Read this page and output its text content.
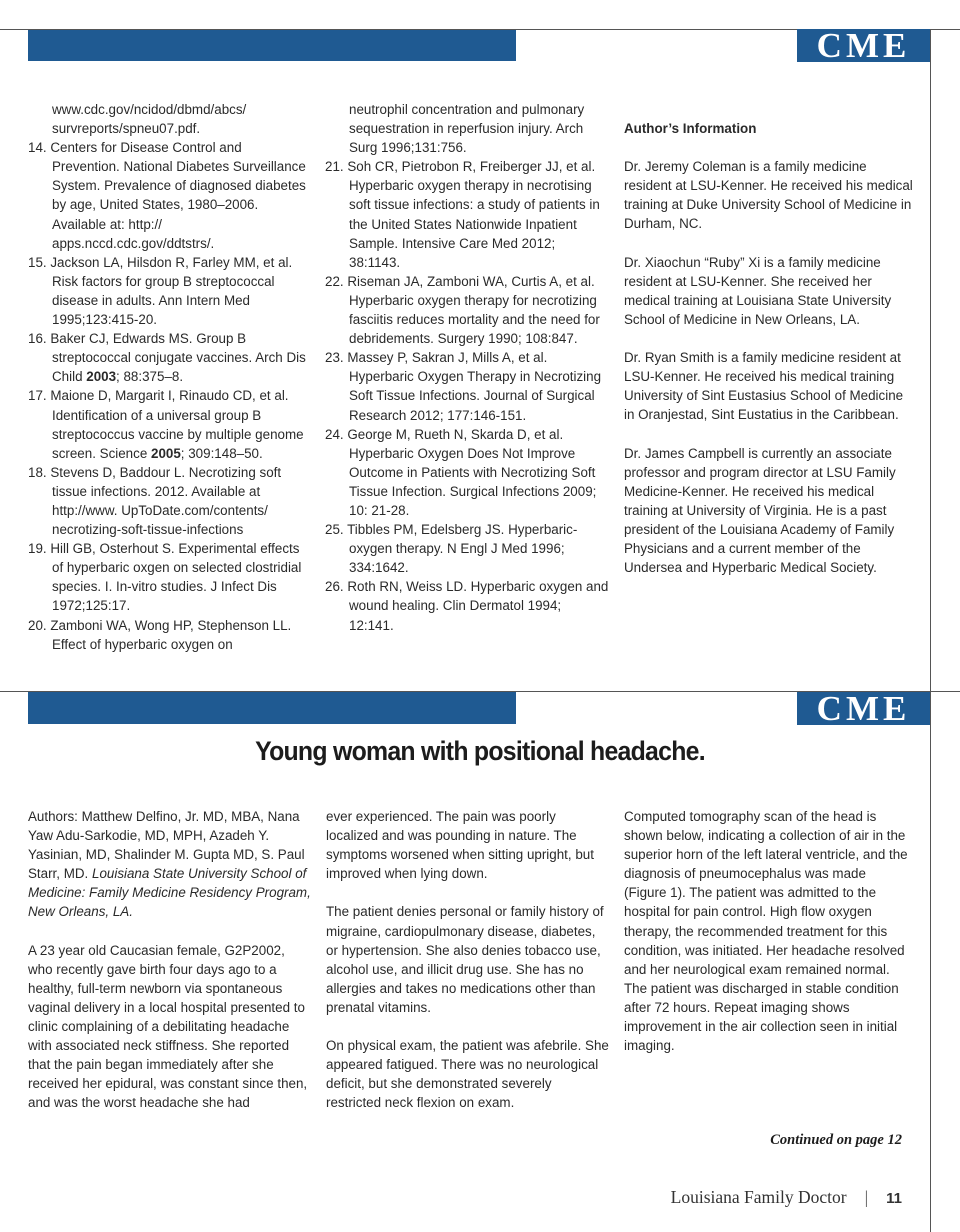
CME

www.cdc.gov/ncidod/dbmd/abcs/ survreports/spneu07.pdf.

14. Centers for Disease Control and Prevention. National Diabetes Surveillance System. Prevalence of diagnosed diabetes by age, United States, 1980–2006. Available at: http:// apps.nccd.cdc.gov/ddtstrs/.

15. Jackson LA, Hilsdon R, Farley MM, et al. Risk factors for group B streptococcal disease in adults. Ann Intern Med 1995;123:415-20.

16. Baker CJ, Edwards MS. Group B streptococcal conjugate vaccines. Arch Dis Child 2003; 88:375–8.

17. Maione D, Margarit I, Rinaudo CD, et al. Identification of a universal group B streptococcus vaccine by multiple genome screen. Science 2005; 309:148–50.

18. Stevens D, Baddour L. Necrotizing soft tissue infections. 2012. Available at http://www. UpToDate.com/contents/ necrotizing-soft-tissue-infections

19. Hill GB, Osterhout S. Experimental effects of hyperbaric oxgen on selected clostridial species. I. In-vitro studies. J Infect Dis 1972;125:17.

20. Zamboni WA, Wong HP, Stephenson LL. Effect of hyperbaric oxygen on

neutrophil concentration and pulmonary sequestration in reperfusion injury. Arch Surg 1996;131:756.

21. Soh CR, Pietrobon R, Freiberger JJ, et al. Hyperbaric oxygen therapy in necrotising soft tissue infections: a study of patients in the United States Nationwide Inpatient Sample. Intensive Care Med 2012; 38:1143.

22. Riseman JA, Zamboni WA, Curtis A, et al. Hyperbaric oxygen therapy for necrotizing fasciitis reduces mortality and the need for debridements. Surgery 1990; 108:847.

23. Massey P, Sakran J, Mills A, et al. Hyperbaric Oxygen Therapy in Necrotizing Soft Tissue Infections. Journal of Surgical Research 2012; 177:146-151.

24. George M, Rueth N, Skarda D, et al. Hyperbaric Oxygen Does Not Improve Outcome in Patients with Necrotizing Soft Tissue Infection. Surgical Infections 2009; 10: 21-28.

25. Tibbles PM, Edelsberg JS. Hyperbaric-oxygen therapy. N Engl J Med 1996; 334:1642.

26. Roth RN, Weiss LD. Hyperbaric oxygen and wound healing. Clin Dermatol 1994; 12:141.

Author’s Information

Dr. Jeremy Coleman is a family medicine resident at LSU-Kenner. He received his medical training at Duke University School of Medicine in Durham, NC.

Dr. Xiaochun “Ruby” Xi is a family medicine resident at LSU-Kenner. She received her medical training at Louisiana State University School of Medicine in New Orleans, LA.

Dr. Ryan Smith is a family medicine resident at LSU-Kenner. He received his medical training University of Sint Eustasius School of Medicine in Oranjestad, Sint Eustatius in the Caribbean.

Dr. James Campbell is currently an associate professor and program director at LSU Family Medicine-Kenner. He received his medical training at University of Virginia. He is a past president of the Louisiana Academy of Family Physicians and a current member of the Undersea and Hyperbaric Medical Society.

CME
Young woman with positional headache.

Authors: Matthew Delfino, Jr. MD, MBA, Nana Yaw Adu-Sarkodie, MD, MPH, Azadeh Y. Yasinian, MD, Shalinder M. Gupta MD, S. Paul Starr, MD. Louisiana State University School of Medicine: Family Medicine Residency Program, New Orleans, LA.

A 23 year old Caucasian female, G2P2002, who recently gave birth four days ago to a healthy, full-term newborn via spontaneous vaginal delivery in a local hospital presented to clinic complaining of a debilitating headache with associated neck stiffness. She reported that the pain began immediately after she received her epidural, was constant since then, and was the worst headache she had

ever experienced. The pain was poorly localized and was pounding in nature. The symptoms worsened when sitting upright, but improved when lying down.

The patient denies personal or family history of migraine, cardiopulmonary disease, diabetes, or hypertension. She also denies tobacco use, alcohol use, and illicit drug use. She has no allergies and takes no medications other than prenatal vitamins.

On physical exam, the patient was afebrile. She appeared fatigued. There was no neurological deficit, but she demonstrated severely restricted neck flexion on exam.

Computed tomography scan of the head is shown below, indicating a collection of air in the superior horn of the left lateral ventricle, and the diagnosis of pneumocephalus was made (Figure 1). The patient was admitted to the hospital for pain control. High flow oxygen therapy, the recommended treatment for this condition, was initiated. Her headache resolved and her neurological exam remained normal. The patient was discharged in stable condition after 72 hours. Repeat imaging shows improvement in the air collection seen in initial imaging.

Continued on page 12
Louisiana Family Doctor | 11
